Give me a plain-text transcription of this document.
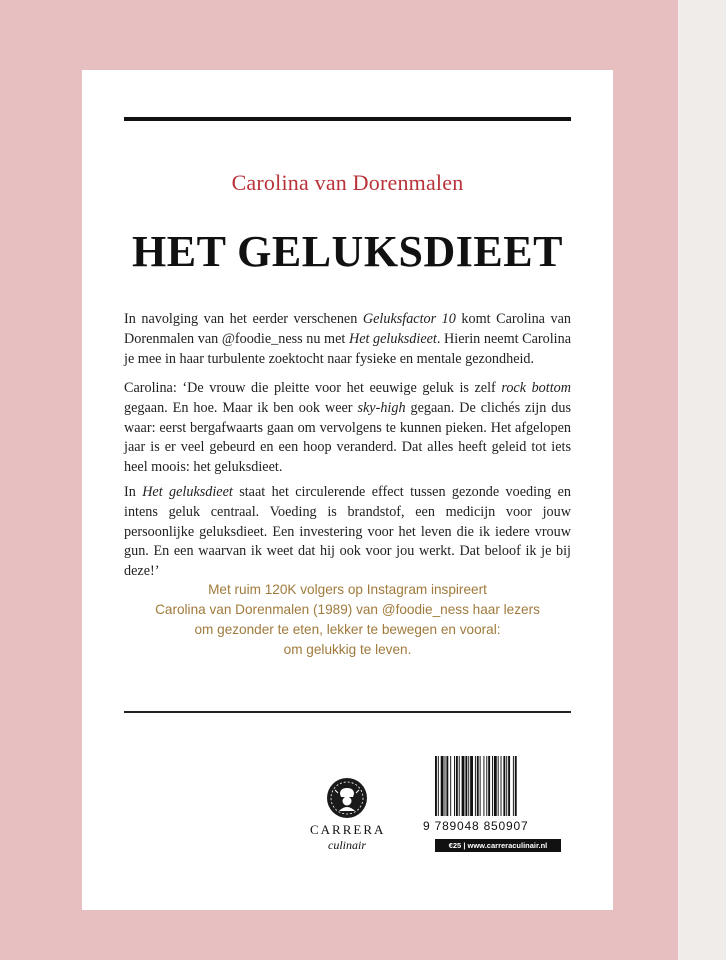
Carolina van Dorenmalen
HET GELUKSDIEET
In navolging van het eerder verschenen Geluksfactor 10 komt Carolina van Dorenmalen van @foodie_ness nu met Het geluksdieet. Hierin neemt Carolina je mee in haar turbulente zoektocht naar fysieke en mentale gezondheid.
Carolina: ‘De vrouw die pleitte voor het eeuwige geluk is zelf rock bottom gegaan. En hoe. Maar ik ben ook weer sky-high gegaan. De clichés zijn dus waar: eerst bergafwaarts gaan om vervolgens te kunnen pieken. Het afgelopen jaar is er veel gebeurd en een hoop veranderd. Dat alles heeft geleid tot iets heel moois: het geluksdieet.
In Het geluksdieet staat het circulerende effect tussen gezonde voeding en intens geluk centraal. Voeding is brandstof, een medicijn voor jouw persoonlijke geluksdieet. Een investering voor het leven die ik iedere vrouw gun. En een waarvan ik weet dat hij ook voor jou werkt. Dat beloof ik je bij deze!’
Met ruim 120K volgers op Instagram inspireert
Carolina van Dorenmalen (1989) van @foodie_ness haar lezers
om gezonder te eten, lekker te bewegen en vooral:
om gelukkig te leven.
CARRERA
culinair
9 789048 850907
€25 | www.carreraculinair.nl
